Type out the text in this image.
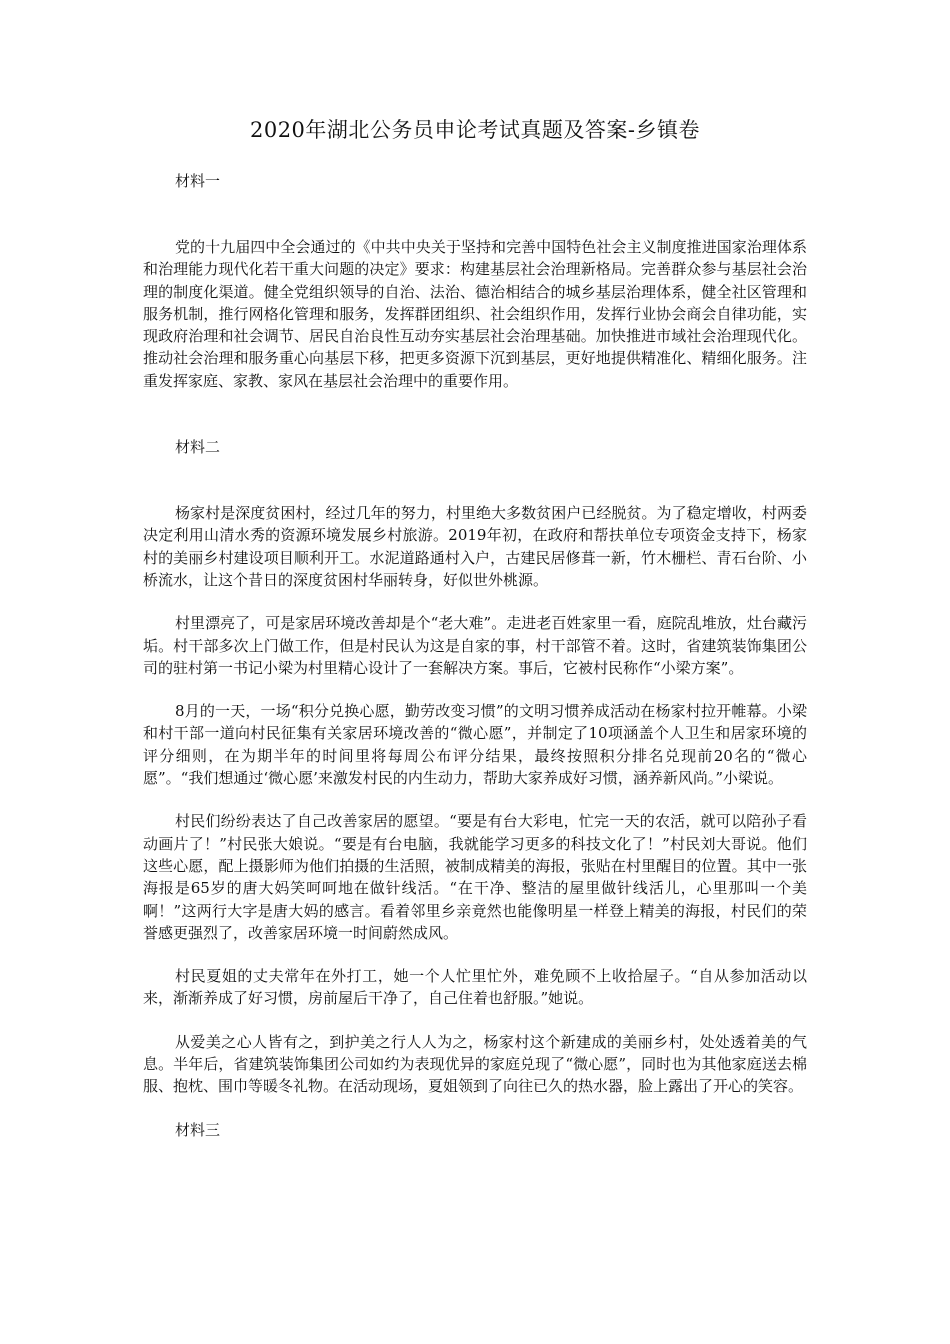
2020年湖北公务员申论考试真题及答案-乡镇卷
材料一
党的十九届四中全会通过的《中共中央关于坚持和完善中国特色社会主义制度推进国家治理体系和治理能力现代化若干重大问题的决定》要求：构建基层社会治理新格局。完善群众参与基层社会治理的制度化渠道。健全党组织领导的自治、法治、德治相结合的城乡基层治理体系，健全社区管理和服务机制，推行网格化管理和服务，发挥群团组织、社会组织作用，发挥行业协会商会自律功能，实现政府治理和社会调节、居民自治良性互动夯实基层社会治理基础。加快推进市域社会治理现代化。推动社会治理和服务重心向基层下移，把更多资源下沉到基层，更好地提供精准化、精细化服务。注重发挥家庭、家教、家风在基层社会治理中的重要作用。
材料二
杨家村是深度贫困村，经过几年的努力，村里绝大多数贫困户已经脱贫。为了稳定增收，村两委决定利用山清水秀的资源环境发展乡村旅游。2019年初，在政府和帮扶单位专项资金支持下，杨家村的美丽乡村建设项目顺利开工。水泥道路通村入户，古建民居修葺一新，竹木栅栏、青石台阶、小桥流水，让这个昔日的深度贫困村华丽转身，好似世外桃源。
村里漂亮了，可是家居环境改善却是个“老大难”。走进老百姓家里一看，庭院乱堆放，灶台藏污垢。村干部多次上门做工作，但是村民认为这是自家的事，村干部管不着。这时，省建筑装饰集团公司的驻村第一书记小梁为村里精心设计了一套解决方案。事后，它被村民称作“小梁方案”。
8月的一天，一场“积分兑换心愿，勤劳改变习惯”的文明习惯养成活动在杨家村拉开帷幕。小梁和村干部一道向村民征集有关家居环境改善的“微心愿”，并制定了10项涵盖个人卫生和居家环境的评分细则，在为期半年的时间里将每周公布评分结果，最终按照积分排名兑现前20名的“微心愿”。“我们想通过‘微心愿’来激发村民的内生动力，帮助大家养成好习惯，涵养新风尚。”小梁说。
村民们纷纷表达了自己改善家居的愿望。“要是有台大彩电，忙完一天的农活，就可以陪孙子看动画片了！”村民张大娘说。“要是有台电脑，我就能学习更多的科技文化了！”村民刘大哥说。他们这些心愿，配上摄影师为他们拍摄的生活照，被制成精美的海报，张贴在村里醒目的位置。其中一张海报是65岁的唐大妈笑呵呵地在做针线活。“在干净、整洁的屋里做针线活儿，心里那叫一个美啊！”这两行大字是唐大妈的感言。看着邻里乡亲竟然也能像明星一样登上精美的海报，村民们的荣誉感更强烈了，改善家居环境一时间蔚然成风。
村民夏姐的丈夫常年在外打工，她一个人忙里忙外，难免顾不上收拾屋子。“自从参加活动以来，渐渐养成了好习惯，房前屋后干净了，自己住着也舒服。”她说。
从爱美之心人皆有之，到护美之行人人为之，杨家村这个新建成的美丽乡村，处处透着美的气息。半年后，省建筑装饰集团公司如约为表现优异的家庭兑现了“微心愿”，同时也为其他家庭送去棉服、抱枕、围巾等暖冬礼物。在活动现场，夏姐领到了向往已久的热水器，脸上露出了开心的笑容。
材料三
